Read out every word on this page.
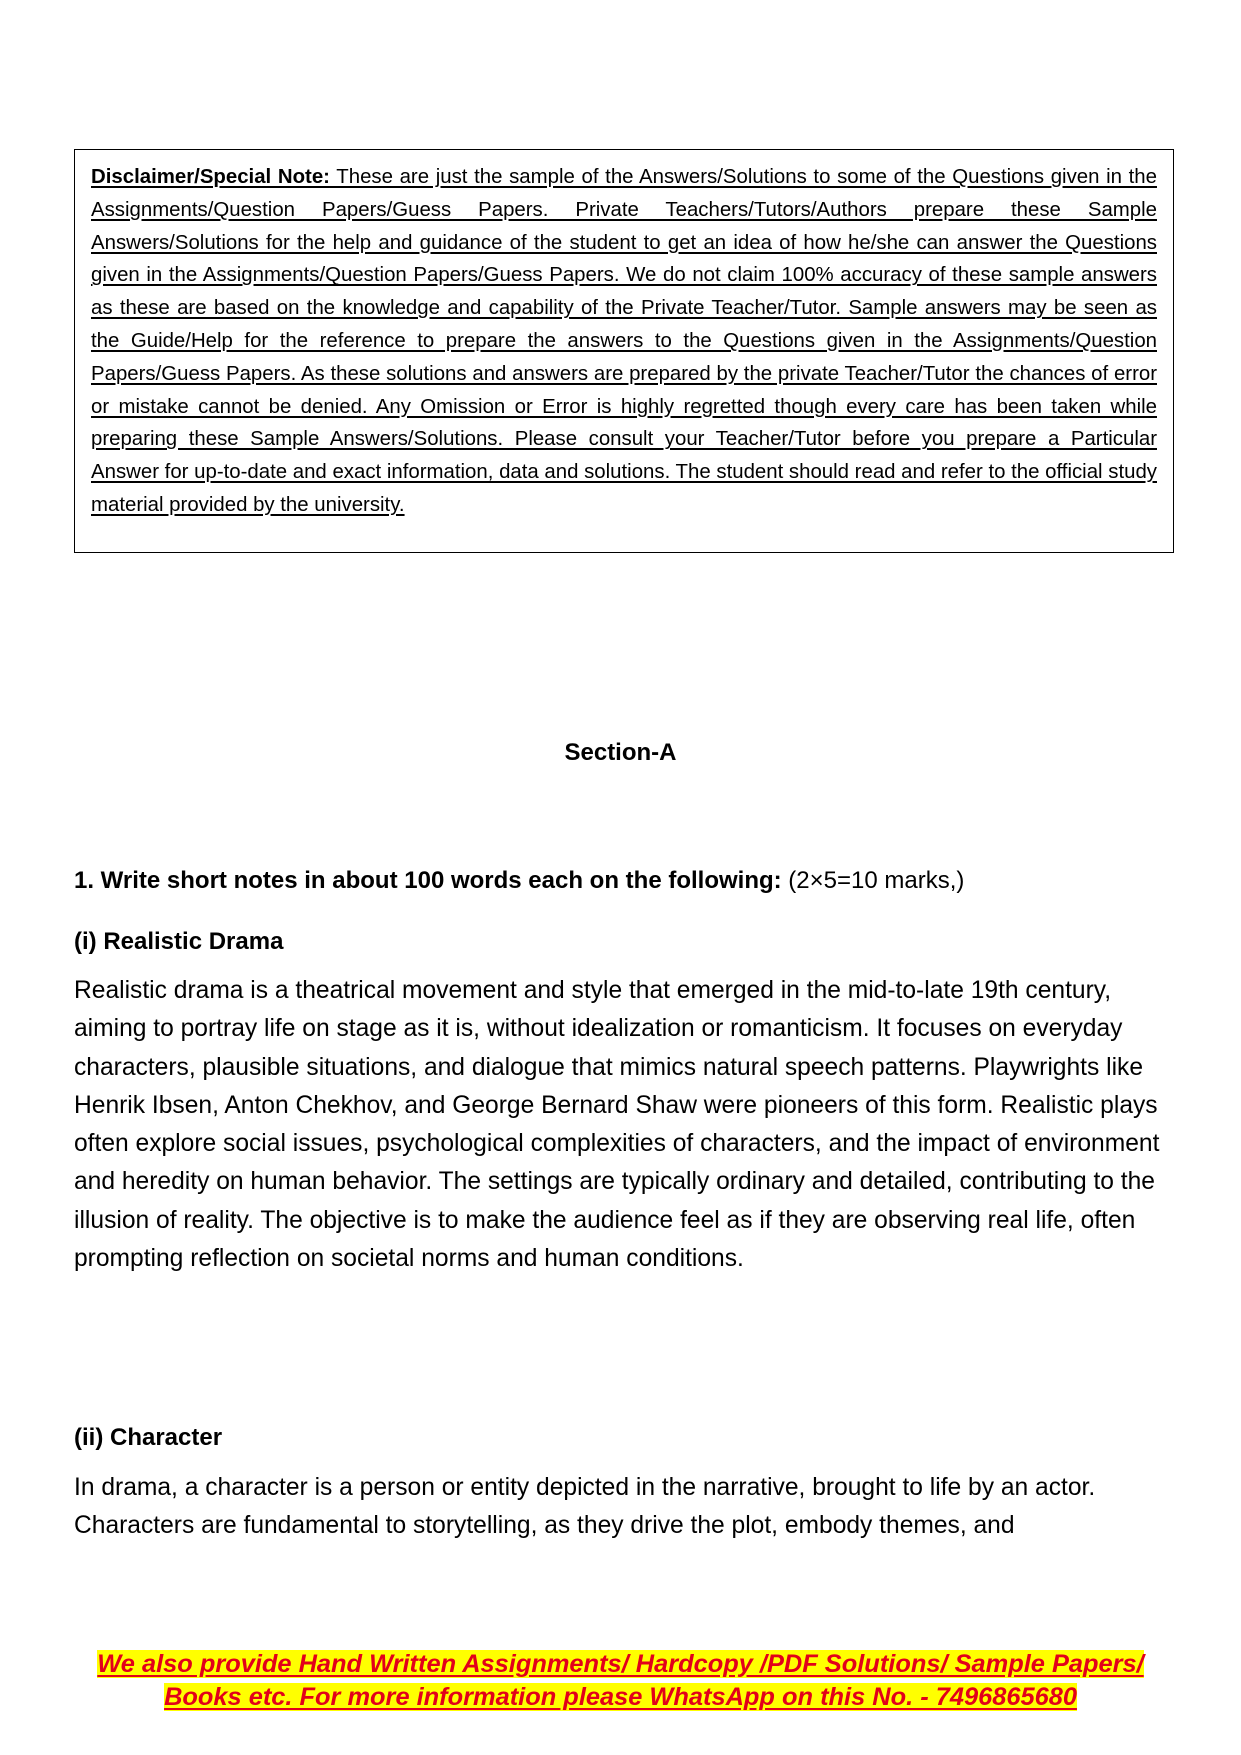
Disclaimer/Special Note: These are just the sample of the Answers/Solutions to some of the Questions given in the Assignments/Question Papers/Guess Papers. Private Teachers/Tutors/Authors prepare these Sample Answers/Solutions for the help and guidance of the student to get an idea of how he/she can answer the Questions given in the Assignments/Question Papers/Guess Papers. We do not claim 100% accuracy of these sample answers as these are based on the knowledge and capability of the Private Teacher/Tutor. Sample answers may be seen as the Guide/Help for the reference to prepare the answers to the Questions given in the Assignments/Question Papers/Guess Papers. As these solutions and answers are prepared by the private Teacher/Tutor the chances of error or mistake cannot be denied. Any Omission or Error is highly regretted though every care has been taken while preparing these Sample Answers/Solutions. Please consult your Teacher/Tutor before you prepare a Particular Answer for up-to-date and exact information, data and solutions. The student should read and refer to the official study material provided by the university.

Section-A

1. Write short notes in about 100 words each on the following: (2×5=10 marks,)

(i) Realistic Drama

Realistic drama is a theatrical movement and style that emerged in the mid-to-late 19th century, aiming to portray life on stage as it is, without idealization or romanticism. It focuses on everyday characters, plausible situations, and dialogue that mimics natural speech patterns. Playwrights like Henrik Ibsen, Anton Chekhov, and George Bernard Shaw were pioneers of this form. Realistic plays often explore social issues, psychological complexities of characters, and the impact of environment and heredity on human behavior. The settings are typically ordinary and detailed, contributing to the illusion of reality. The objective is to make the audience feel as if they are observing real life, often prompting reflection on societal norms and human conditions.

(ii) Character

In drama, a character is a person or entity depicted in the narrative, brought to life by an actor. Characters are fundamental to storytelling, as they drive the plot, embody themes, and

We also provide Hand Written Assignments/ Hardcopy /PDF Solutions/ Sample Papers/
Books etc. For more information please WhatsApp on this No. - 7496865680
